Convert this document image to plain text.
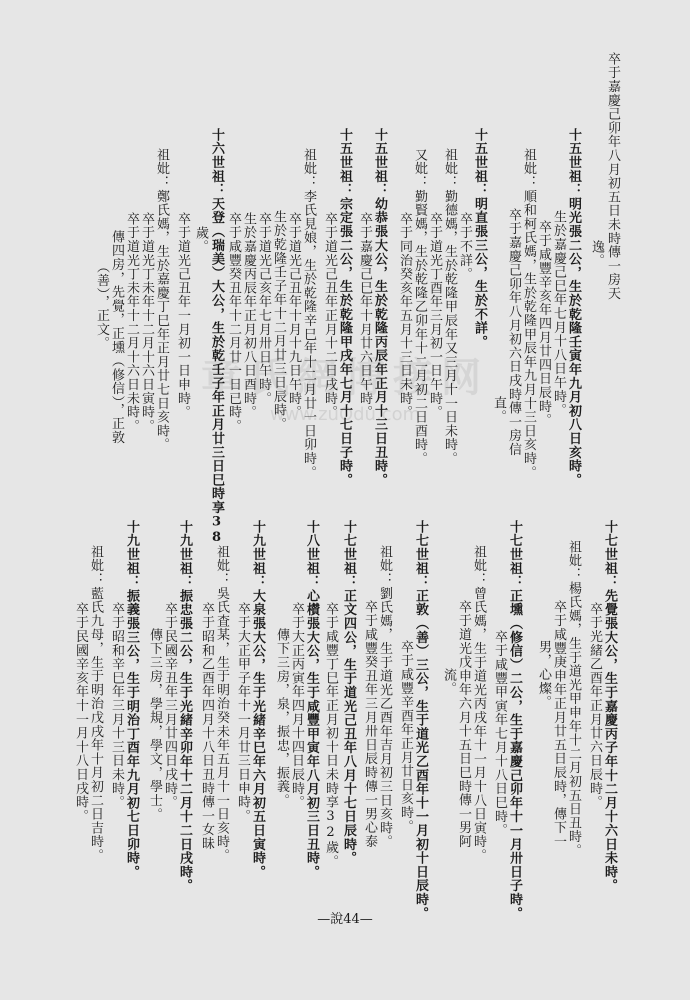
章氏網博接网
www.zuOdu.com
卒于嘉慶己卯年八月初五日未時傳一房天
逸。
十五世祖：明光張二公，生於乾隆壬寅年九月初八日亥時。
生於嘉慶己巳年七月十八日午時。
卒于咸豐辛亥年四月廿四日辰時。
祖妣：順和柯氏媽，生於乾隆甲辰年九月十三日亥時。
卒于嘉慶己卯年八月初六日戌時傳一房信
直。
十五世祖：明直張三公，生於不詳。
卒于不詳。
祖妣：勤德媽，生於乾隆甲辰年又三月十一日未時。
卒于道光丁酉年三月初一日午時。
又妣：勤賢媽，生於乾隆乙卯年十二月初二日酉時。
卒于同治癸亥年五月十三日未時。
十五世祖：幼恭張大公，生於乾隆丙辰年正月十三日丑時。
卒于嘉慶己巳年十月廿六日午時。
十五世祖：宗定張二公，生於乾隆甲戌年七月十七日子時。
卒于道光己丑年正月十二日戌時。
祖妣：李氏見娘，生於乾隆辛巳年十二月廿一日卯時。
卒于道光己丑年十月十九日午時。
生於乾隆壬子年十二月廿三日辰時。
卒于道光己亥年七月卅日午時。
生於嘉慶丙辰年正月初八日酉時。
卒于咸豐癸丑年十二月廿一日已時。
十六世祖：天登（瑞美）大公，生於乾壬子年正月廿三日巳時享38
歲。
卒于道光己丑年一月初一日申時。
祖妣：鄭氏媽，生於嘉慶丁巳年正月廿七日亥時。
卒于道光丁未年十二月十六日寅時。
卒于道光丁未年十二月十六日未時。
傳四房，先覺，正壎（修信），正敦
（善），正文。
十七世祖：先覺張大公，生于嘉慶丙子年十二月十六日未時。
卒于光緒乙酉年正月廿六日辰時。
祖妣：楊氏媽，生于道光甲申年十二月初五日丑時。
卒于咸豐庚申年正月廿五日辰時，傳下一
男，心燦。
十七世祖：正壎（修信）二公，生于嘉慶己卯年十一月卅日子時。
卒于咸豐甲寅年七月十八日巳時。
祖妣：曾氏媽，生于道光丙戌年十一月十八日寅時。
卒于道光戊申年六月十五日巳時傳一男阿
流。
十七世祖：正敦（善）三公，生于道光乙酉年十一月初十日辰時。
卒于咸豐辛酉年正月廿日亥時。
祖妣：劉氏媽，生于道光乙酉年吉月初三日亥時。
卒于咸豐癸丑年三月卅日辰時傳一男心泰
十七世祖：正文四公，生于道光己丑年八月十七日辰時。
卒于咸豐丁巳年正月初十日未時享32歲。
十八世祖：心櫕張大公，生于咸豐甲寅年八月初三日丑時。
卒于大正丙寅年四月十四日辰時。
傳下三房，泉，振忠，振義。
十九世祖：大泉張大公，生于光緒辛巳年六月初五日寅時。
卒于大正甲子年十一月廿三日申時。
祖妣：吳氏査某，生于明治癸未年五月十一日亥時。
卒于昭和乙酉年四月十八日丑時傳一女昧
十九世祖：振忠張二公，生于光緒辛卯年十二月十二日戌時。
卒于民國辛丑年三月廿四日戌時。
傳下三房，學規，學文，學士。
十九世祖：振義張三公，生于明治丁酉年九月初七日卯時。
卒于昭和辛巳年三月十三日未時。
祖妣：藍氏九母，生于明治戊戌年十月初二日吉時。
卒于民國辛亥年十一月十八日戌時。
—說44—
